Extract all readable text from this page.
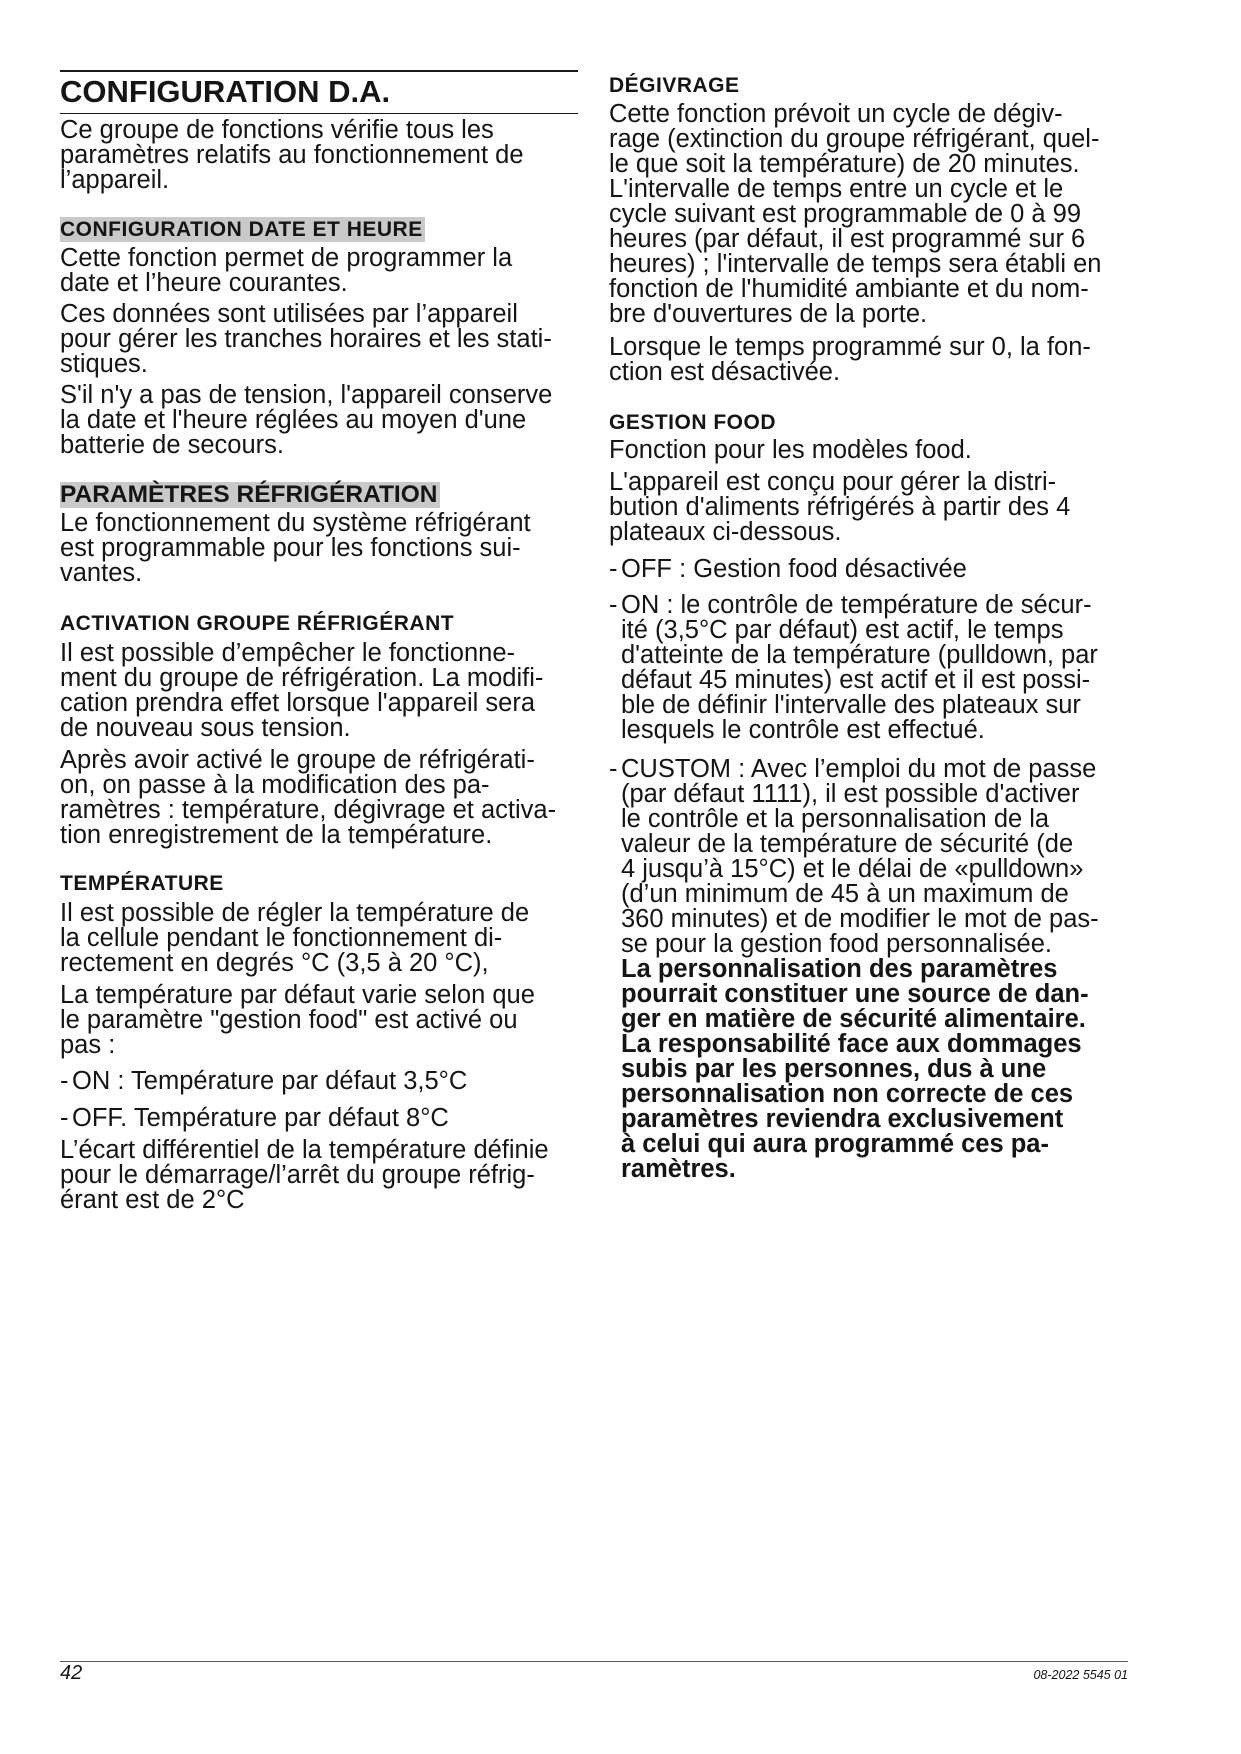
CONFIGURATION D.A.
Ce groupe de fonctions vérifie tous les
paramètres relatifs au fonctionnement de
l’appareil.
CONFIGURATION DATE ET HEURE
Cette fonction permet de programmer la
date et l’heure courantes.
Ces données sont utilisées par l’appareil
pour gérer les tranches horaires et les stati-
stiques.
S'il n'y a pas de tension, l'appareil conserve
la date et l'heure réglées au moyen d'une
batterie de secours.
PARAMÈTRES RÉFRIGÉRATION
Le fonctionnement du système réfrigérant
est programmable pour les fonctions sui-
vantes.
ACTIVATION GROUPE RÉFRIGÉRANT
Il est possible d’empêcher le fonctionne-
ment du groupe de réfrigération. La modifi-
cation prendra effet lorsque l'appareil sera
de nouveau sous tension.
Après avoir activé le groupe de réfrigérati-
on, on passe à la modification des pa-
ramètres : température, dégivrage et activa-
tion enregistrement de la température.
TEMPÉRATURE
Il est possible de régler la température de
la cellule pendant le fonctionnement di-
rectement en degrés °C (3,5 à 20 °C),
La température par défaut varie selon que
le paramètre "gestion food" est activé ou
pas :
- ON : Température par défaut 3,5°C
- OFF. Température par défaut 8°C
L’écart différentiel de la température définie
pour le démarrage/l’arrêt du groupe réfrig-
érant est de 2°C
DÉGIVRAGE
Cette fonction prévoit un cycle de dégiv-
rage (extinction du groupe réfrigérant, quel-
le que soit la température) de 20 minutes.
L'intervalle de temps entre un cycle et le
cycle suivant est programmable de 0 à 99
heures (par défaut, il est programmé sur 6
heures) ; l'intervalle de temps sera établi en
fonction de l'humidité ambiante et du nom-
bre d'ouvertures de la porte.
Lorsque le temps programmé sur 0, la fon-
ction est désactivée.
GESTION FOOD
Fonction pour les modèles food.
L'appareil est conçu pour gérer la distri-
bution d'aliments réfrigérés à partir des 4
plateaux ci-dessous.
- OFF : Gestion food désactivée
- ON : le contrôle de température de sécur-
ité (3,5°C par défaut) est actif, le temps
d'atteinte de la température (pulldown, par
défaut 45 minutes) est actif et il est possi-
ble de définir l'intervalle des plateaux sur
lesquels le contrôle est effectué.
- CUSTOM : Avec l’emploi du mot de passe
(par défaut 1111), il est possible d'activer
le contrôle et la personnalisation de la
valeur de la température de sécurité (de
4 jusqu’à 15°C) et le délai de «pulldown»
(d’un minimum de 45 à un maximum de
360 minutes) et de modifier le mot de pas-
se pour la gestion food personnalisée.
La personnalisation des paramètres
pourrait constituer une source de dan-
ger en matière de sécurité alimentaire.
La responsabilité face aux dommages
subis par les personnes, dus à une
personnalisation non correcte de ces
paramètres reviendra exclusivement
à celui qui aura programmé ces pa-
ramètres.
42	08-2022 5545 01
